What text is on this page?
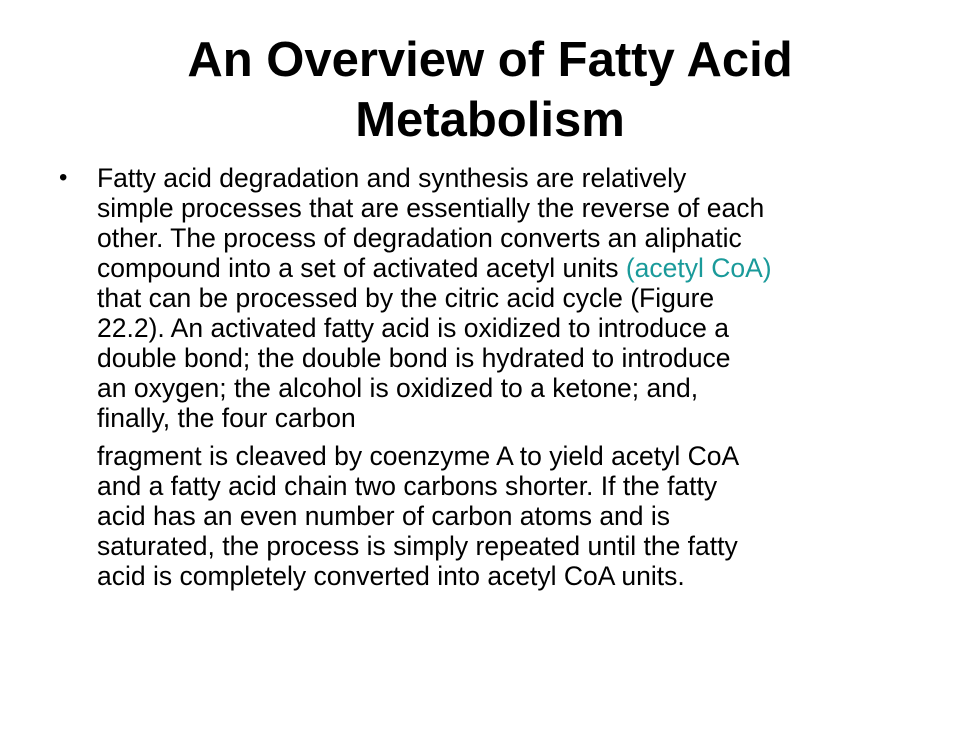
An Overview of Fatty Acid
Metabolism
• Fatty acid degradation and synthesis are relatively
simple processes that are essentially the reverse of each
other. The process of degradation converts an aliphatic
compound into a set of activated acetyl units (acetyl CoA)
that can be processed by the citric acid cycle (Figure
22.2). An activated fatty acid is oxidized to introduce a
double bond; the double bond is hydrated to introduce
an oxygen; the alcohol is oxidized to a ketone; and,
finally, the four carbon

fragment is cleaved by coenzyme A to yield acetyl CoA
and a fatty acid chain two carbons shorter. If the fatty
acid has an even number of carbon atoms and is
saturated, the process is simply repeated until the fatty
acid is completely converted into acetyl CoA units.
